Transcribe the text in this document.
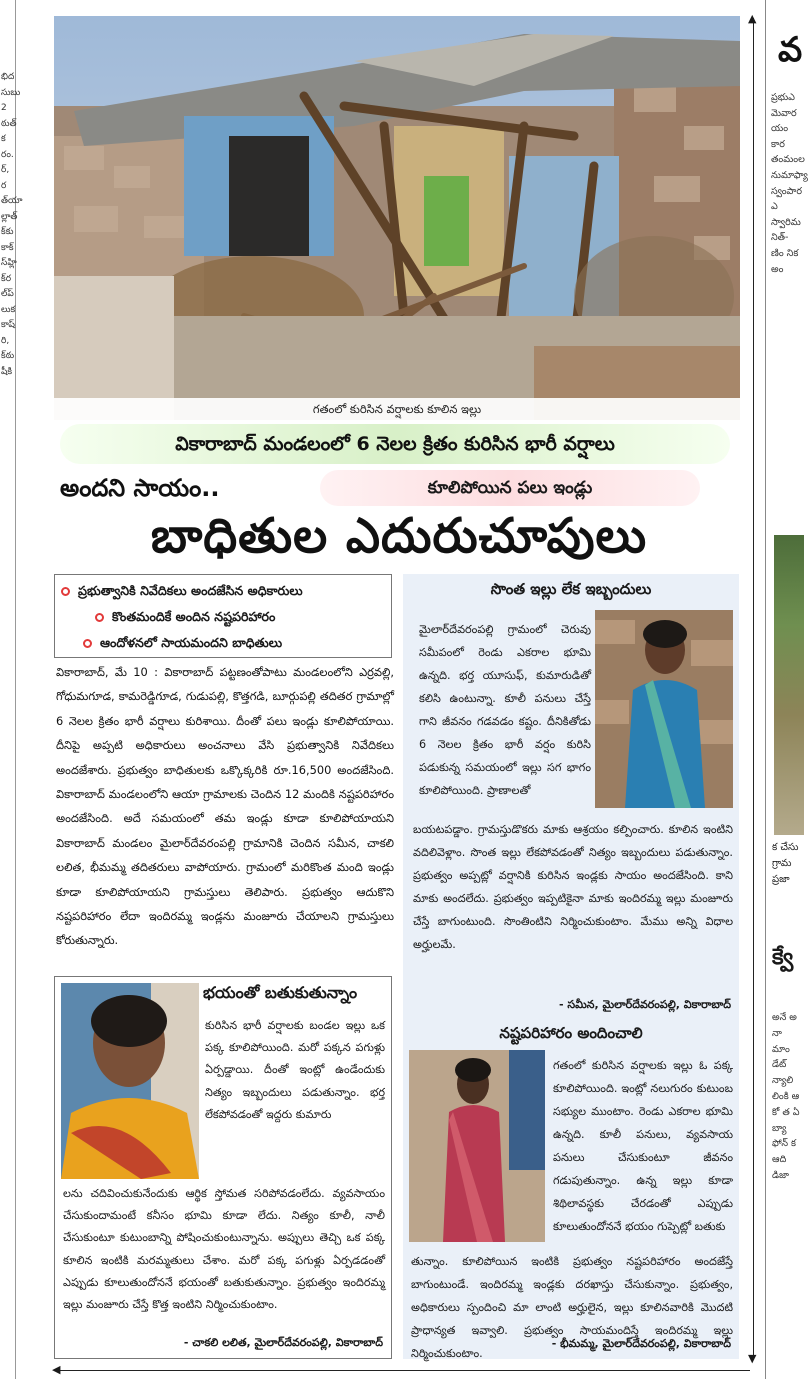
భిదసుబు2ఠుత్‌కరం.ర్‌,రత్‌యాల్లాత్‌క్‌కుకాక్‌స్‌హ్లిక్‌రల్‌ప్‌లుకకాష్‌రి,క్‌ఠుషీకి
వ
ప్రభుఎమెవారయం కారతంమంలనుమాఫ్యాస్వంపారఎస్వారిమనిత్‌-ణిం నిక అం
క చేసు గ్రామ ప్రజా
క్వే
అనే అనా మాం డేట్ న్యాలి లింకి ఆకో త ఏ బ్యా ఫోన్ క ఆది డిజా
▲
▼
◀
గతంలో కురిసిన వర్షాలకు కూలిన ఇల్లు
వికారాబాద్ మండలంలో 6 నెలల క్రితం కురిసిన భారీ వర్షాలు
అందని సాయం..	కూలిపోయిన పలు ఇండ్లు
బాధితుల ఎదురుచూపులు
ప్రభుత్వానికి నివేదికలు అందజేసిన అధికారులు
కొంతమందికే అందిన నష్టపరిహారం
ఆందోళనలో సాయమందని బాధితులు
వికారాబాద్, మే 10 : వికారాబాద్ పట్టణంతోపాటు మండలంలోని ఎర్రవల్లి, గోధుమగూడ, కామరెడ్డిగూడ, గుడుపల్లి, కొత్తగడి, బూర్గుపల్లి తదితర గ్రామాల్లో 6 నెలల క్రితం భారీ వర్షాలు కురిశాయి. దీంతో పలు ఇండ్లు కూలిపోయాయి. దీనిపై అప్పటి అధికారులు అంచనాలు వేసి ప్రభుత్వానికి నివేదికలు అందజేశారు. ప్రభుత్వం బాధితులకు ఒక్కొక్కరికి రూ.16,500 అందజేసింది. వికారాబాద్ మండలంలోని ఆయా గ్రామాలకు చెందిన 12 మందికి నష్టపరిహారం అందజేసింది. అదే సమయంలో తమ ఇండ్లు కూడా కూలిపోయాయని వికారాబాద్ మండలం మైలార్‌దేవరంపల్లి గ్రామానికి చెందిన సమీన, చాకలి లలిత, భీమమ్మ తదితరులు వాపోయారు. గ్రామంలో మరికొంత మంది ఇండ్లు కూడా కూలిపోయాయని గ్రామస్తులు తెలిపారు. ప్రభుత్వం ఆదుకొని నష్టపరిహారం లేదా ఇందిరమ్మ ఇండ్లను మంజూరు చేయాలని గ్రామస్తులు కోరుతున్నారు.
భయంతో బతుకుతున్నాం
కురిసిన భారీ వర్షాలకు బండల ఇల్లు ఒక పక్క కూలిపోయింది. మరో పక్కన పగుళ్లు ఏర్పడ్డాయి. దీంతో ఇంట్లో ఉండేందుకు నిత్యం ఇబ్బందులు పడుతున్నాం. భర్త లేకపోవడంతో ఇద్దరు కుమారు
లను చదివించుకునేందుకు ఆర్థిక స్తోమత సరిపోవడంలేదు. వ్యవసాయం చేసుకుందామంటే కనీసం భూమి కూడా లేదు. నిత్యం కూలీ, నాలీ చేసుకుంటూ కుటుంబాన్ని పోషించుకుంటున్నాను. అప్పులు తెచ్చి ఒక పక్క కూలిన ఇంటికి మరమ్మతులు చేశాం. మరో పక్క పగుళ్లు ఏర్పడడంతో ఎప్పుడు కూలుతుందోననే భయంతో బతుకుతున్నాం. ప్రభుత్వం ఇందిరమ్మ ఇల్లు మంజూరు చేస్తే కొత్త ఇంటిని నిర్మించుకుంటాం.
- చాకలి లలిత, మైలార్‌దేవరంపల్లి, వికారాబాద్
సొంత ఇల్లు లేక ఇబ్బందులు
మైలార్‌దేవరంపల్లి గ్రామంలో చెరువు సమీపంలో రెండు ఎకరాల భూమి ఉన్నది. భర్త యూసుఫ్, కుమారుడితో కలిసి ఉంటున్నా. కూలీ పనులు చేస్తే గాని జీవనం గడవడం కష్టం. దీనికితోడు 6 నెలల క్రితం భారీ వర్షం కురిసి పడుకున్న సమయంలో ఇల్లు సగ భాగం కూలిపోయింది. ప్రాణాలతో
బయటపడ్డాం. గ్రామస్తుడొకరు మాకు ఆశ్రయం కల్పించారు. కూలిన ఇంటిని వదిలివెళ్లాం. సొంత ఇల్లు లేకపోవడంతో నిత్యం ఇబ్బందులు పడుతున్నాం. ప్రభుత్వం అప్పట్లో వర్షానికి కురిసిన ఇండ్లకు సాయం అందజేసింది. కాని మాకు అందలేదు. ప్రభుత్వం ఇప్పటికైనా మాకు ఇందిరమ్మ ఇల్లు మంజూరు చేస్తే బాగుంటుంది. సొంతింటిని నిర్మించుకుంటాం. మేము అన్ని విధాల అర్హులమే.
- సమీన, మైలార్‌దేవరంపల్లి, వికారాబాద్
నష్టపరిహారం అందించాలి
గతంలో కురిసిన వర్షాలకు ఇల్లు ఓ పక్క కూలిపోయింది. ఇంట్లో నలుగురం కుటుంబ సభ్యుల ముంటాం. రెండు ఎకరాల భూమి ఉన్నది. కూలీ పనులు, వ్యవసాయ పనులు చేసుకుంటూ జీవనం గడుపుతున్నాం. ఉన్న ఇల్లు కూడా శిథిలావస్థకు చేరడంతో ఎప్పుడు కూలుతుందోననే భయం గుప్పెట్లో బతుకు
తున్నాం. కూలిపోయిన ఇంటికి ప్రభుత్వం నష్టపరిహారం అందజేస్తే బాగుంటుండే. ఇందిరమ్మ ఇండ్లకు దరఖాస్తు చేసుకున్నాం. ప్రభుత్వం, అధికారులు స్పందించి మా లాంటి అర్హులైన, ఇల్లు కూలినవారికి మొదటి ప్రాధాన్యత ఇవ్వాలి. ప్రభుత్వం సాయమందిస్తే ఇందిరమ్మ ఇల్లు నిర్మించుకుంటాం.
- భీమమ్మ, మైలార్‌దేవరంపల్లి, వికారాబాద్
